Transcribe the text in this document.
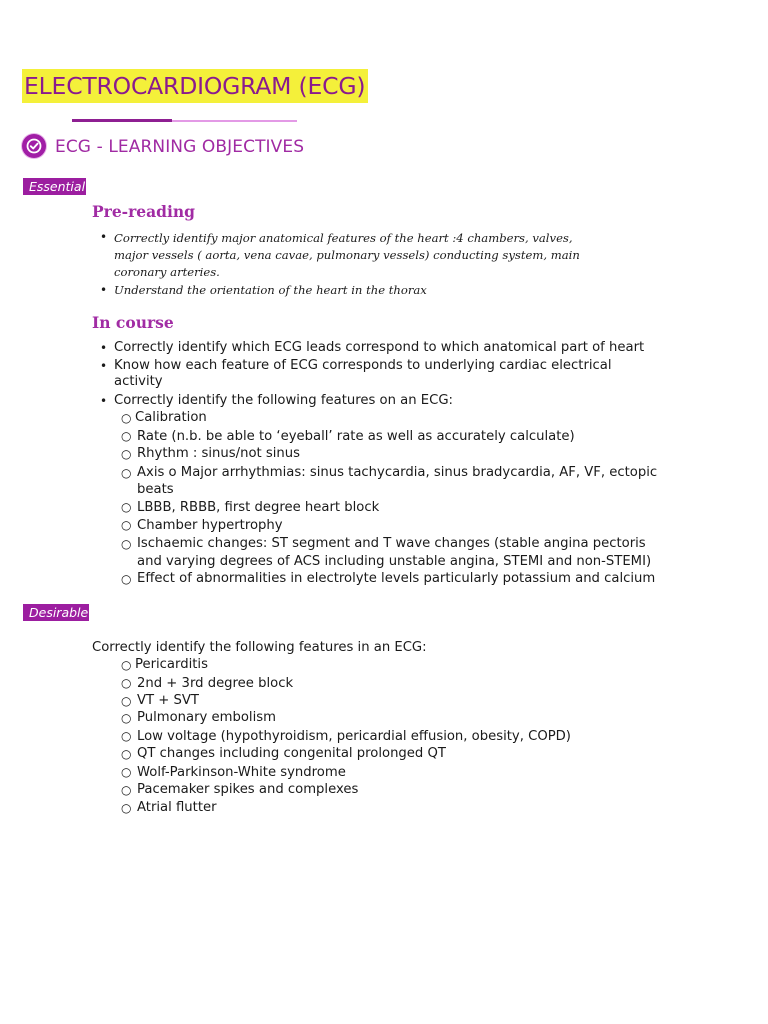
ELECTROCARDIOGRAM (ECG)
ECG - LEARNING OBJECTIVES
Essential
Pre-reading
• Correctly identify major anatomical features of the heart :4 chambers, valves,
major vessels ( aorta, vena cavae, pulmonary vessels) conducting system, main
coronary arteries.
• Understand the orientation of the heart in the thorax
In course
• Correctly identify which ECG leads correspond to which anatomical part of heart
• Know how each feature of ECG corresponds to underlying cardiac electrical
activity
• Correctly identify the following features on an ECG:
○ Calibration
○ Rate (n.b. be able to ‘eyeball’ rate as well as accurately calculate)
○ Rhythm : sinus/not sinus
○ Axis o Major arrhythmias: sinus tachycardia, sinus bradycardia, AF, VF, ectopic
beats
○ LBBB, RBBB, first degree heart block
○ Chamber hypertrophy
○ Ischaemic changes: ST segment and T wave changes (stable angina pectoris
and varying degrees of ACS including unstable angina, STEMI and non-STEMI)
○ Effect of abnormalities in electrolyte levels particularly potassium and calcium
Desirable
Correctly identify the following features in an ECG:
○ Pericarditis
○ 2nd + 3rd degree block
○ VT + SVT
○ Pulmonary embolism
○ Low voltage (hypothyroidism, pericardial effusion, obesity, COPD)
○ QT changes including congenital prolonged QT
○ Wolf-Parkinson-White syndrome
○ Pacemaker spikes and complexes
○ Atrial flutter
